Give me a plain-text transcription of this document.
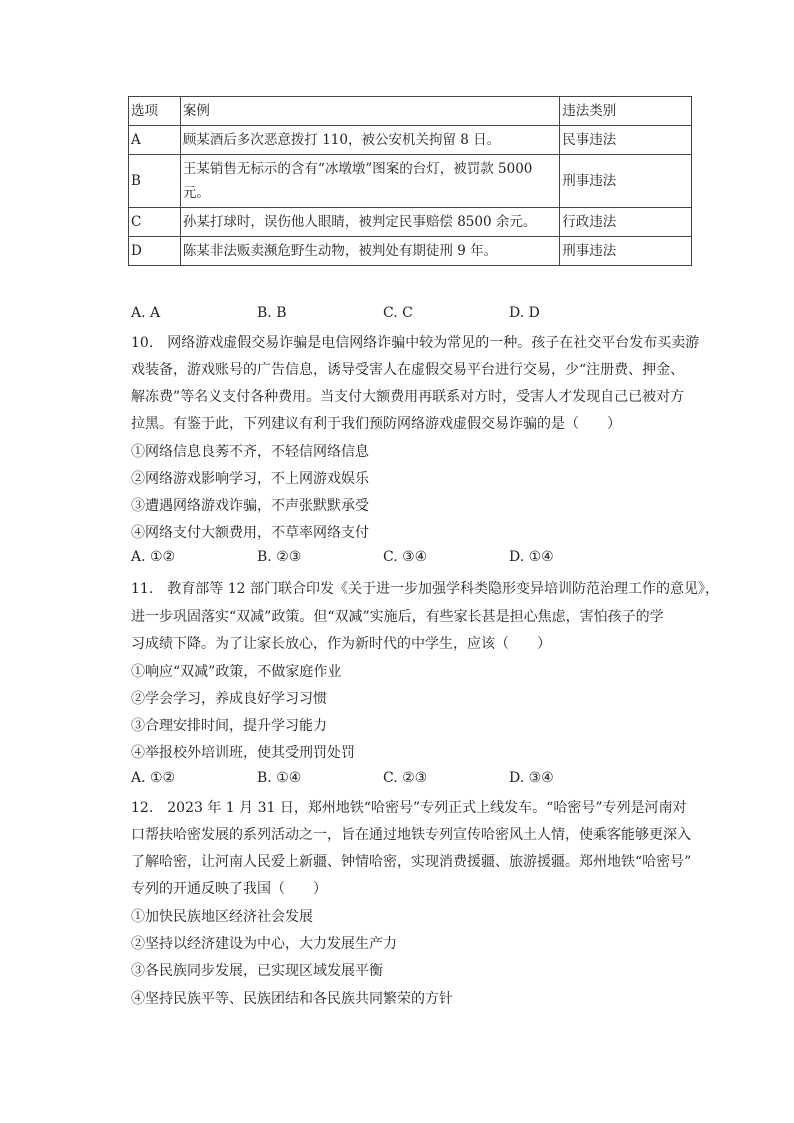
选项	案例	违法类别
A	顾某酒后多次恶意拨打 110，被公安机关拘留 8 日。	民事违法
B	王某销售无标示的含有“冰墩墩”图案的台灯，被罚款 5000 元。	刑事违法
C	孙某打球时，误伤他人眼睛，被判定民事赔偿 8500 余元。	行政违法
D	陈某非法贩卖濒危野生动物，被判处有期徒刑 9 年。	刑事违法
A. A	B. B	C. C	D. D
10.　网络游戏虚假交易诈骗是电信网络诈骗中较为常见的一种。孩子在社交平台发布买卖游
戏装备，游戏账号的广告信息，诱导受害人在虚假交易平台进行交易，少“注册费、押金、
解冻费”等名义支付各种费用。当支付大额费用再联系对方时，受害人才发现自己已被对方
拉黑。有鉴于此，下列建议有利于我们预防网络游戏虚假交易诈骗的是（　　）
①网络信息良莠不齐，不轻信网络信息
②网络游戏影响学习，不上网游戏娱乐
③遭遇网络游戏诈骗，不声张默默承受
④网络支付大额费用，不草率网络支付
A. ①②	B. ②③	C. ③④	D. ①④
11.　教育部等 12 部门联合印发《关于进一步加强学科类隐形变异培训防范治理工作的意见》，
进一步巩固落实“双减”政策。但“双减”实施后，有些家长甚是担心焦虑，害怕孩子的学
习成绩下降。为了让家长放心，作为新时代的中学生，应该（　　）
①响应“双减”政策，不做家庭作业
②学会学习，养成良好学习习惯
③合理安排时间，提升学习能力
④举报校外培训班，使其受刑罚处罚
A. ①②	B. ①④	C. ②③	D. ③④
12.　2023 年 1 月 31 日，郑州地铁“哈密号”专列正式上线发车。“哈密号”专列是河南对
口帮扶哈密发展的系列活动之一，旨在通过地铁专列宣传哈密风土人情，使乘客能够更深入
了解哈密，让河南人民爱上新疆、钟情哈密，实现消费援疆、旅游援疆。郑州地铁“哈密号”
专列的开通反映了我国（　　）
①加快民族地区经济社会发展
②坚持以经济建设为中心，大力发展生产力
③各民族同步发展，已实现区域发展平衡
④坚持民族平等、民族团结和各民族共同繁荣的方针
